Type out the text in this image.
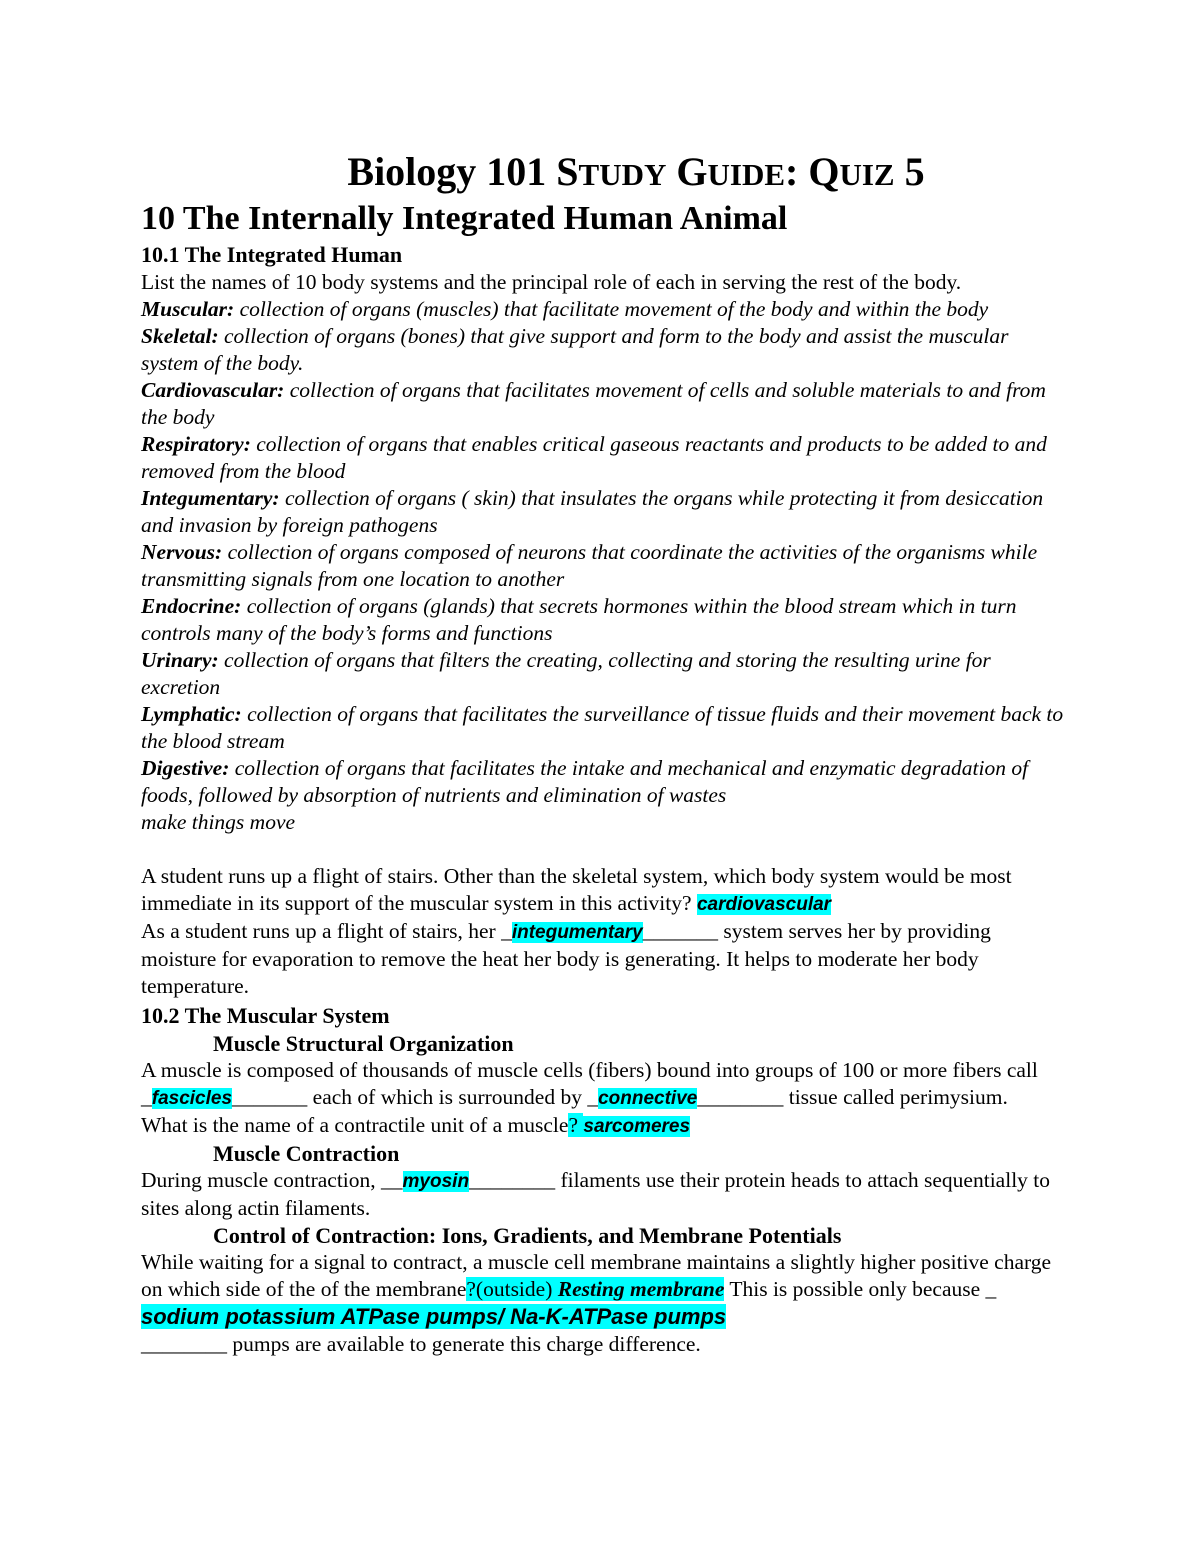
Biology 101 STUDY GUIDE: QUIZ 5
10 The Internally Integrated Human Animal
10.1 The Integrated Human

List the names of 10 body systems and the principal role of each in serving the rest of the body.

Muscular: collection of organs (muscles) that facilitate movement of the body and within the body

Skeletal: collection of organs (bones) that give support and form to the body and assist the muscular system of the body.

Cardiovascular: collection of organs that facilitates movement of cells and soluble materials to and from the body

Respiratory: collection of organs that enables critical gaseous reactants and products to be added to and removed from the blood

Integumentary: collection of organs ( skin) that insulates the organs while protecting it from desiccation and invasion by foreign pathogens

Nervous: collection of organs composed of neurons that coordinate the activities of the organisms while transmitting signals from one location to another

Endocrine: collection of organs (glands) that secrets hormones within the blood stream which in turn controls many of the body’s forms and functions

Urinary: collection of organs that filters the creating, collecting and storing the resulting urine for excretion

Lymphatic: collection of organs that facilitates the surveillance of tissue fluids and their movement back to the blood stream

Digestive: collection of organs that facilitates the intake and mechanical and enzymatic degradation of foods, followed by absorption of nutrients and elimination of wastes

make things move

A student runs up a flight of stairs. Other than the skeletal system, which body system would be most immediate in its support of the muscular system in this activity? cardiovascular

As a student runs up a flight of stairs, her _integumentary_______ system serves her by providing moisture for evaporation to remove the heat her body is generating. It helps to moderate her body temperature.

10.2 The Muscular System

Muscle Structural Organization

A muscle is composed of thousands of muscle cells (fibers) bound into groups of 100 or more fibers call _fascicles_______ each of which is surrounded by _connective________ tissue called perimysium.

What is the name of a contractile unit of a muscle? sarcomeres

Muscle Contraction

During muscle contraction, __myosin________ filaments use their protein heads to attach sequentially to sites along actin filaments.

Control of Contraction: Ions, Gradients, and Membrane Potentials

While waiting for a signal to contract, a muscle cell membrane maintains a slightly higher positive charge on which side of the of the membrane?(outside) Resting membrane This is possible only because _ sodium potassium ATPase pumps/ Na-K-ATPase pumps
________ pumps are available to generate this charge difference.
